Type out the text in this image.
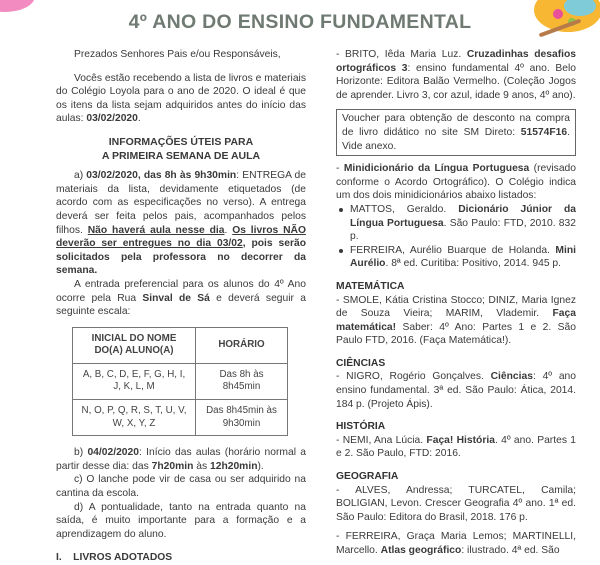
4º ANO DO ENSINO FUNDAMENTAL

Prezados Senhores Pais e/ou Responsáveis,

Vocês estão recebendo a lista de livros e materiais do Colégio Loyola para o ano de 2020. O ideal é que os itens da lista sejam adquiridos antes do início das aulas: 03/02/2020.

INFORMAÇÕES ÚTEIS PARA

A PRIMEIRA SEMANA DE AULA

a) 03/02/2020, das 8h às 9h30min: ENTREGA de materiais da lista, devidamente etiquetados (de acordo com as especificações no verso). A entrega deverá ser feita pelos pais, acompanhados pelos filhos. Não haverá aula nesse dia. Os livros NÃO deverão ser entregues no dia 03/02, pois serão solicitados pela professora no decorrer da semana.

A entrada preferencial para os alunos do 4º Ano ocorre pela Rua Sinval de Sá e deverá seguir a seguinte escala:

INICIAL DO NOME DO(A) ALUNO(A)	HORÁRIO
A, B, C, D, E, F, G, H, I, J, K, L, M	Das 8h às 8h45min
N, O, P, Q, R, S, T, U, V, W, X, Y, Z	Das 8h45min às 9h30min

b) 04/02/2020: Início das aulas (horário normal a partir desse dia: das 7h20min às 12h20min).

c) O lanche pode vir de casa ou ser adquirido na cantina da escola.

d) A pontualidade, tanto na entrada quanto na saída, é muito importante para a formação e a aprendizagem do aluno.

I.    LIVROS ADOTADOS

- BRITO, Iêda Maria Luz. Cruzadinhas desafios ortográficos 3: ensino fundamental 4º ano. Belo Horizonte: Editora Balão Vermelho. (Coleção Jogos de aprender. Livro 3, cor azul, idade 9 anos, 4º ano).

Voucher para obtenção de desconto na compra de livro didático no site SM Direto: 51574F16. Vide anexo.

- Minidicionário da Língua Portuguesa (revisado conforme o Acordo Ortográfico). O Colégio indica um dos dois minidicionários abaixo listados:

MATTOS, Geraldo. Dicionário Júnior da Língua Portuguesa. São Paulo: FTD, 2010. 832 p.

FERREIRA, Aurélio Buarque de Holanda. Mini Aurélio. 8ª ed. Curitiba: Positivo, 2014. 945 p.

MATEMÁTICA

- SMOLE, Kátia Cristina Stocco; DINIZ, Maria Ignez de Souza Vieira; MARIM, Vlademir. Faça matemática! Saber: 4º Ano: Partes 1 e 2. São Paulo FTD, 2016. (Faça Matemática!).

CIÊNCIAS

- NIGRO, Rogério Gonçalves. Ciências: 4º ano ensino fundamental. 3ª ed. São Paulo: Ática, 2014. 184 p. (Projeto Ápis).

HISTÓRIA

- NEMI, Ana Lúcia. Faça! História. 4º ano. Partes 1 e 2. São Paulo, FTD: 2016.

GEOGRAFIA

- ALVES, Andressa; TURCATEL, Camila; BOLIGIAN, Levon. Crescer Geografia 4º ano. 1ª ed. São Paulo: Editora do Brasil, 2018. 176 p.

- FERREIRA, Graça Maria Lemos; MARTINELLI, Marcello. Atlas geográfico: ilustrado. 4ª ed. São
